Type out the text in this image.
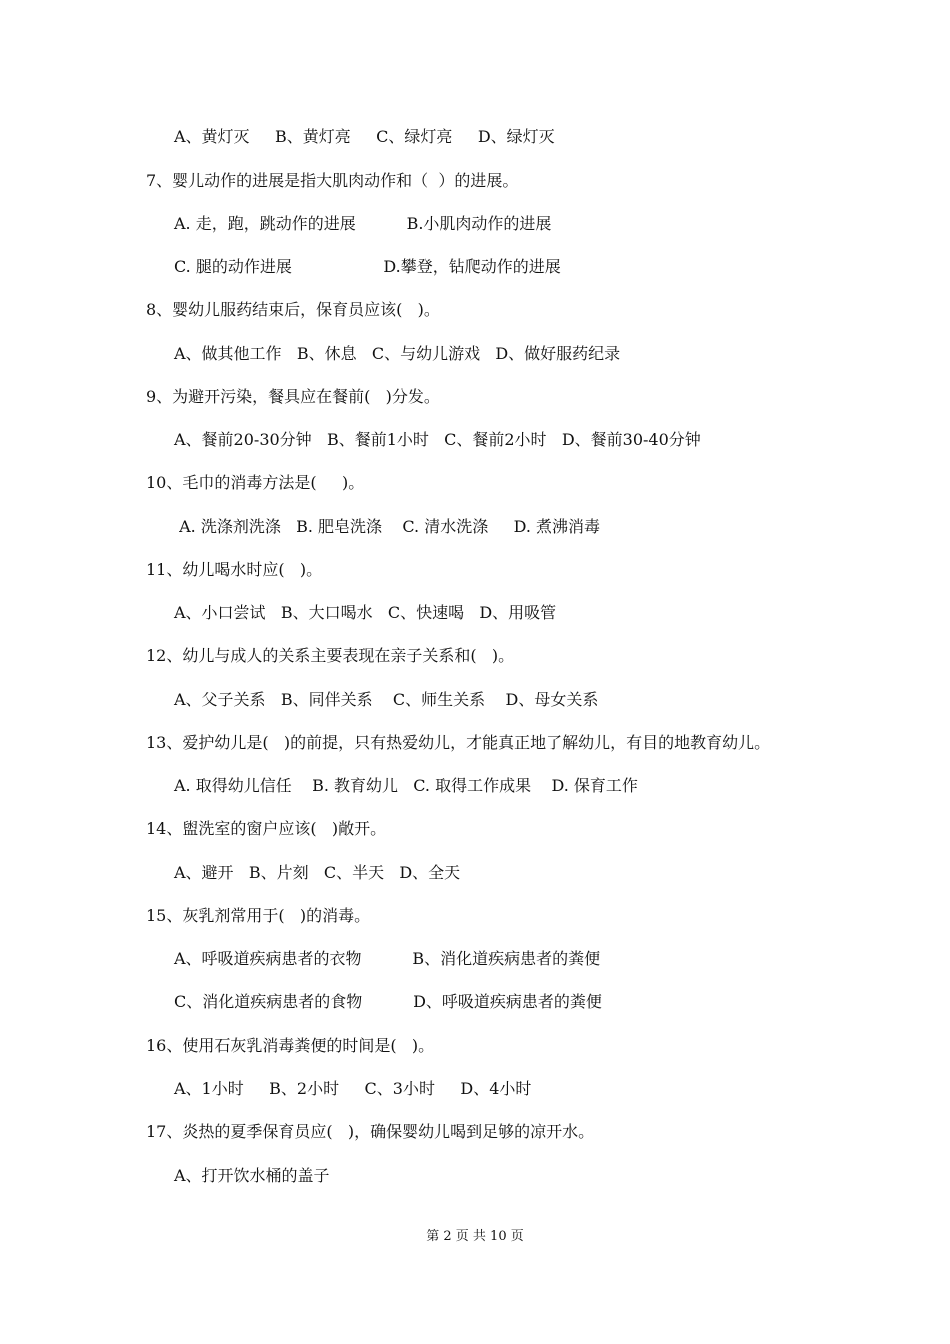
A、黄灯灭     B、黄灯亮     C、绿灯亮     D、绿灯灭
7、婴儿动作的进展是指大肌肉动作和（  ）的进展。
A. 走，跑，跳动作的进展          B.小肌肉动作的进展
C. 腿的动作进展                  D.攀登，钻爬动作的进展
8、婴幼儿服药结束后，保育员应该(   )。
A、做其他工作   B、休息   C、与幼儿游戏   D、做好服药纪录
9、为避开污染，餐具应在餐前(   )分发。
A、餐前20-30分钟   B、餐前1小时   C、餐前2小时   D、餐前30-40分钟
10、毛巾的消毒方法是(     )。
A. 洗涤剂洗涤   B. 肥皂洗涤    C. 清水洗涤     D. 煮沸消毒
11、幼儿喝水时应(   )。
A、小口尝试   B、大口喝水   C、快速喝   D、用吸管
12、幼儿与成人的关系主要表现在亲子关系和(   )。
A、父子关系   B、同伴关系    C、师生关系    D、母女关系
13、爱护幼儿是(   )的前提，只有热爱幼儿，才能真正地了解幼儿，有目的地教育幼儿。
A. 取得幼儿信任    B. 教育幼儿   C. 取得工作成果    D. 保育工作
14、盥洗室的窗户应该(   )敞开。
A、避开   B、片刻   C、半天   D、全天
15、灰乳剂常用于(   )的消毒。
A、呼吸道疾病患者的衣物          B、消化道疾病患者的粪便
C、消化道疾病患者的食物          D、呼吸道疾病患者的粪便
16、使用石灰乳消毒粪便的时间是(   )。
A、1小时     B、2小时     C、3小时     D、4小时
17、炎热的夏季保育员应(   )，确保婴幼儿喝到足够的凉开水。
A、打开饮水桶的盖子
第 2 页 共 10 页
